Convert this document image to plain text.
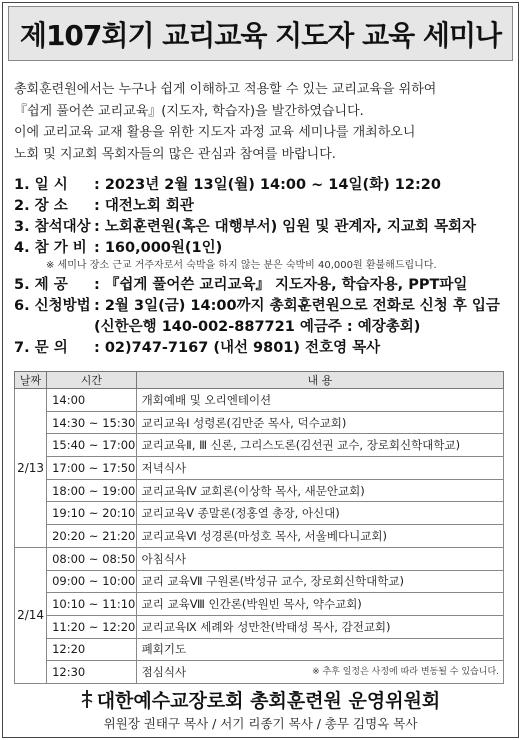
제107회기 교리교육 지도자 교육 세미나
총회훈련원에서는 누구나 쉽게 이해하고 적용할 수 있는 교리교육을 위하여
『쉽게 풀어쓴 교리교육』(지도자, 학습자)을 발간하였습니다.
이에 교리교육 교재 활용을 위한 지도자 과정 교육 세미나를 개최하오니
노회 및 지교회 목회자들의 많은 관심과 참여를 바랍니다.
1. 일 시	: 2023년 2월 13일(월) 14:00 ~ 14일(화) 12:20
2. 장 소	: 대전노회 회관
3. 참석대상 : 노회훈련원(혹은 대행부서) 임원 및 관계자, 지교회 목회자
4. 참 가 비 : 160,000원(1인)
※ 세미나 장소 근교 거주자로서 숙박을 하지 않는 분은 숙박비 40,000원 환불해드립니다.
5. 제 공	: 『쉽게 풀어쓴 교리교육』 지도자용, 학습자용, PPT파일
6. 신청방법 : 2월 3일(금) 14:00까지 총회훈련원으로 전화로 신청 후 입금
(신한은행 140-002-887721 예금주 : 예장총회)
7. 문 의	: 02)747-7167 (내선 9801) 전호영 목사
날짜	시간	내 용
2/13	14:00	개회예배 및 오리엔테이션
	14:30 ~ 15:30	교리교육Ⅰ 성령론(김만준 목사, 덕수교회)
	15:40 ~ 17:00	교리교육Ⅱ, Ⅲ 신론, 그리스도론(김선권 교수, 장로회신학대학교)
	17:00 ~ 17:50	저녁식사
	18:00 ~ 19:00	교리교육Ⅳ 교회론(이상학 목사, 새문안교회)
	19:10 ~ 20:10	교리교육Ⅴ 종말론(정홍열 총장, 아신대)
	20:20 ~ 21:20	교리교육Ⅵ 성경론(마성호 목사, 서울베다니교회)
2/14	08:00 ~ 08:50	아침식사
	09:00 ~ 10:00	교리 교육Ⅶ 구원론(박성규 교수, 장로회신학대학교)
	10:10 ~ 11:10	교리 교육Ⅷ 인간론(박원빈 목사, 약수교회)
	11:20 ~ 12:20	교리교육Ⅸ 세례와 성만찬(박태성 목사, 감전교회)
	12:20	폐회기도
	12:30	점심식사 ※ 추후 일정은 사정에 따라 변동될 수 있습니다.
대한예수교장로회 총회훈련원 운영위원회
위원장 권태구 목사 / 서기 리종기 목사 / 총무 김명옥 목사
